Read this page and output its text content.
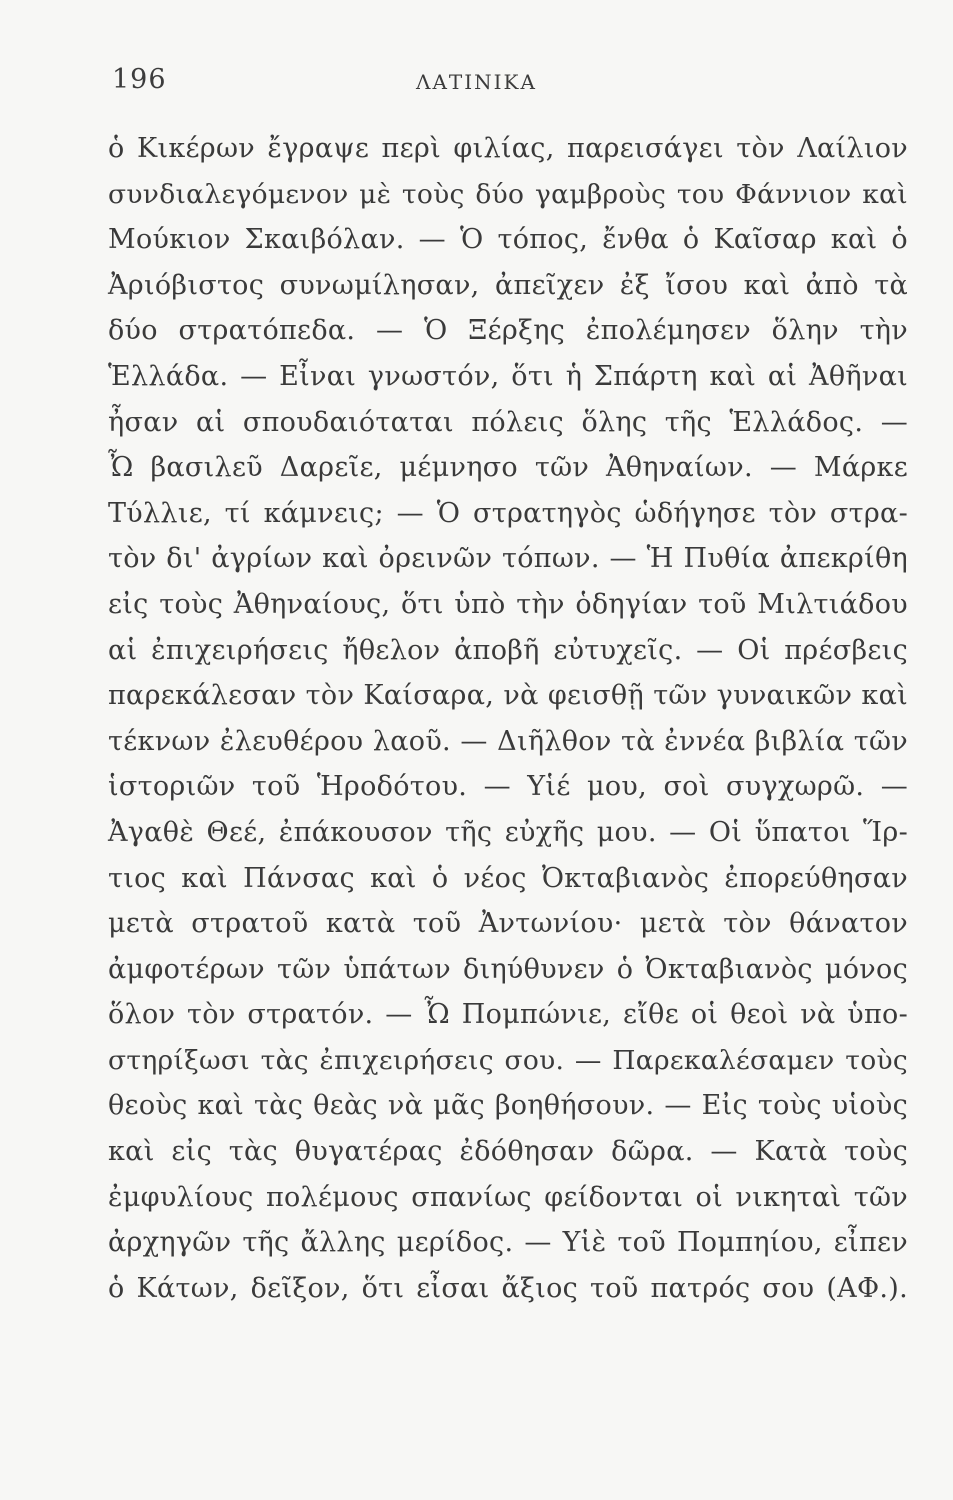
196	ΛΑΤΙΝΙΚΑ
ὁ Κικέρων ἔγραψε περὶ φιλίας, παρεισάγει τὸν Λαίλιον
συνδιαλεγόμενον μὲ τοὺς δύο γαμβροὺς του Φάννιον καὶ
Μούκιον Σκαιβόλαν. — Ὁ τόπος, ἔνθα ὁ Καῖσαρ καὶ ὁ
Ἀριόβιστος συνωμίλησαν, ἀπεῖχεν ἐξ ἴσου καὶ ἀπὸ τὰ
δύο στρατόπεδα. — Ὁ Ξέρξης ἐπολέμησεν ὅλην τὴν
Ἑλλάδα. — Εἶναι γνωστόν, ὅτι ἡ Σπάρτη καὶ αἱ Ἀθῆναι
ἦσαν αἱ σπουδαιόταται πόλεις ὅλης τῆς Ἑλλάδος. —
Ὦ βασιλεῦ Δαρεῖε, μέμνησο τῶν Ἀθηναίων. — Μάρκε
Τύλλιε, τί κάμνεις; — Ὁ στρατηγὸς ὡδήγησε τὸν στρα-
τὸν δι' ἀγρίων καὶ ὀρεινῶν τόπων. — Ἡ Πυθία ἀπεκρίθη
εἰς τοὺς Ἀθηναίους, ὅτι ὑπὸ τὴν ὁδηγίαν τοῦ Μιλτιάδου
αἱ ἐπιχειρήσεις ἤθελον ἀποβῆ εὐτυχεῖς. — Οἱ πρέσβεις
παρεκάλεσαν τὸν Καίσαρα, νὰ φεισθῇ τῶν γυναικῶν καὶ
τέκνων ἐλευθέρου λαοῦ. — Διῆλθον τὰ ἐννέα βιβλία τῶν
ἱστοριῶν τοῦ Ἡροδότου. — Υἱέ μου, σοὶ συγχωρῶ. —
Ἀγαθὲ Θεέ, ἐπάκουσον τῆς εὐχῆς μου. — Οἱ ὕπατοι Ἵρ-
τιος καὶ Πάνσας καὶ ὁ νέος Ὀκταβιανὸς ἐπορεύθησαν
μετὰ στρατοῦ κατὰ τοῦ Ἀντωνίου· μετὰ τὸν θάνατον
ἀμφοτέρων τῶν ὑπάτων διηύθυνεν ὁ Ὀκταβιανὸς μόνος
ὅλον τὸν στρατόν. — Ὦ Πομπώνιε, εἴθε οἱ θεοὶ νὰ ὑπο-
στηρίξωσι τὰς ἐπιχειρήσεις σου. — Παρεκαλέσαμεν τοὺς
θεοὺς καὶ τὰς θεὰς νὰ μᾶς βοηθήσουν. — Εἰς τοὺς υἱοὺς
καὶ εἰς τὰς θυγατέρας ἐδόθησαν δῶρα. — Κατὰ τοὺς
ἐμφυλίους πολέμους σπανίως φείδονται οἱ νικηταὶ τῶν
ἀρχηγῶν τῆς ἄλλης μερίδος. — Υἱὲ τοῦ Πομπηίου, εἶπεν
ὁ Κάτων, δεῖξον, ὅτι εἶσαι ἄξιος τοῦ πατρός σου (ΑΦ.).
